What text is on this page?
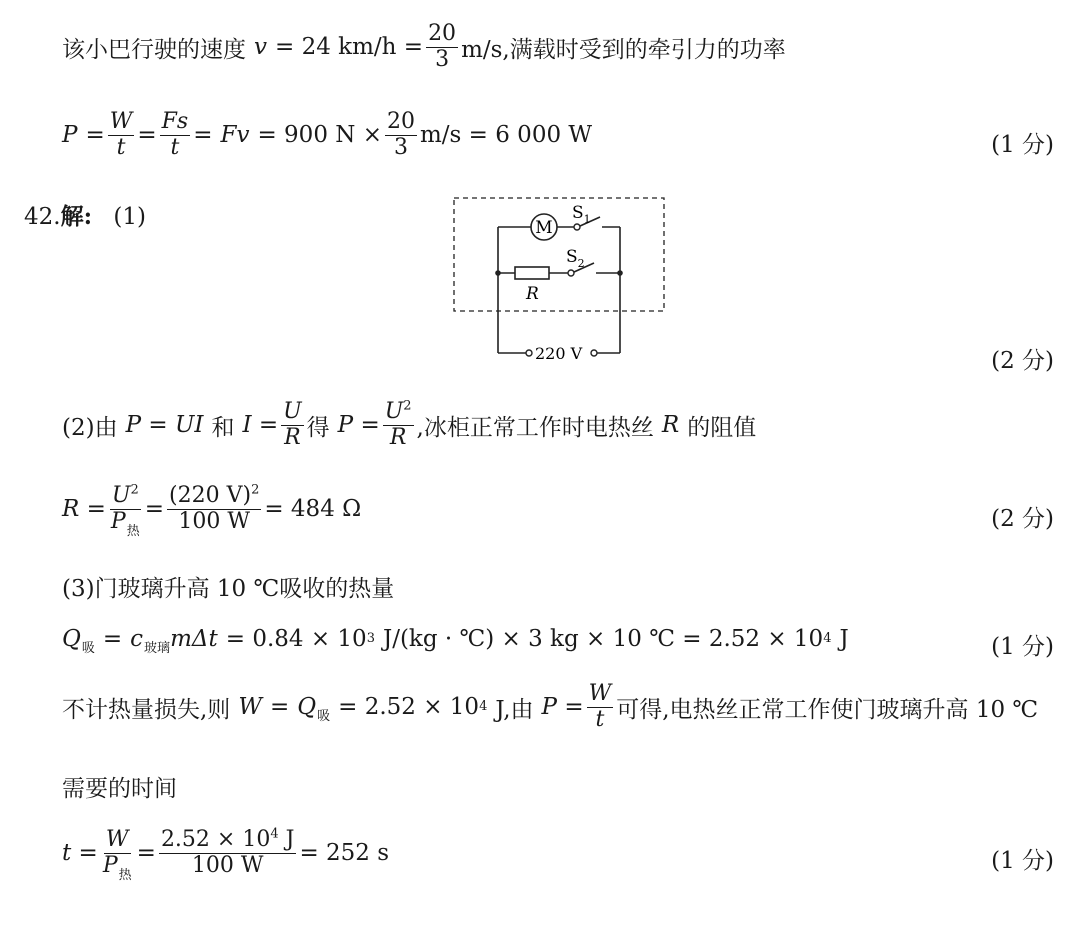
该小巴行驶的速度 v = 24 $km/h = \frac{20}{3} m/s$,满载时受到的牵引力的功率
$P = \frac{W}{t} = \frac{Fs}{t} = Fv = 900$ $N \times \frac{20}{3} m/s = 6$ 000 W	(1 分)
42.解: (1)	M
$S_1$
$S_2$
R
220 V	(2 分)
(2)由 P = UI 和 $I = \frac{U}{R}$ 得 $P = \frac{U^2}{R}$ ,冰柜正常工作时电热丝 R 的阻值
$R = \frac{U^2}{P_热} = \frac{(220 V)^2}{100 W} = 484$ Ω	(2 分)
(3)门玻璃升高 10 ℃吸收的热量
Q 吸 = c 玻璃 mΔt = 0.84 × 10 3 J/(kg · ℃) × 3 kg × 10 ℃ = 2.52 × 10 4 J	(1 分)
不计热量损失,则 W = Q 吸 = 2.52 × 10 4 J,由 $P = \frac{W}{t}$ 可得,电热丝正常工作使门玻璃升高 10 ℃
需要的时间
$t = \frac{W}{P_热} = \frac{2.52 \times 10^4 J}{100 W} = 252$ s	(1 分)
